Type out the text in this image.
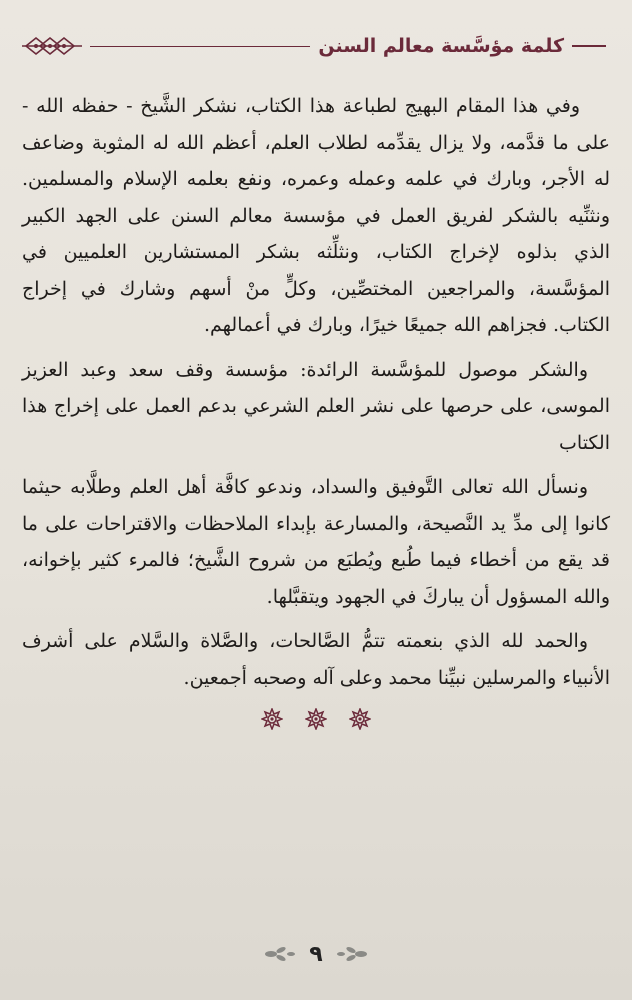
كلمة مؤسَّسة معالم السنن

وفي هذا المقام البهيج لطباعة هذا الكتاب، نشكر الشَّيخ - حفظه الله - على ما قدَّمه، ولا يزال يقدِّمه لطلاب العلم، أعظم الله له المثوبة وضاعف له الأجر، وبارك في علمه وعمله وعمره، ونفع بعلمه الإسلام والمسلمين. ونثنِّيه بالشكر لفريق العمل في مؤسسة معالم السنن على الجهد الكبير الذي بذلوه لإخراج الكتاب، ونثلِّثه بشكر المستشارين العلميين في المؤسَّسة، والمراجعين المختصِّين، وكلٍّ منْ أسهم وشارك في إخراج الكتاب. فجزاهم الله جميعًا خيرًا، وبارك في أعمالهم.

والشكر موصول للمؤسَّسة الرائدة: مؤسسة وقف سعد وعبد العزيز الموسى، على حرصها على نشر العلم الشرعي بدعم العمل على إخراج هذا الكتاب

ونسأل الله تعالى التَّوفيق والسداد، وندعو كافَّة أهل العلم وطلَّابه حيثما كانوا إلى مدِّ يد النَّصيحة، والمسارعة بإبداء الملاحظات والاقتراحات على ما قد يقع من أخطاء فيما طُبع ويُطبَع من شروح الشَّيخ؛ فالمرء كثير بإخوانه، والله المسؤول أن يباركَ في الجهود ويتقبَّلها.

والحمد لله الذي بنعمته تتمُّ الصَّالحات، والصَّلاة والسَّلام على أشرف الأنبياء والمرسلين نبيِّنا محمد وعلى آله وصحبه أجمعين.

٩
